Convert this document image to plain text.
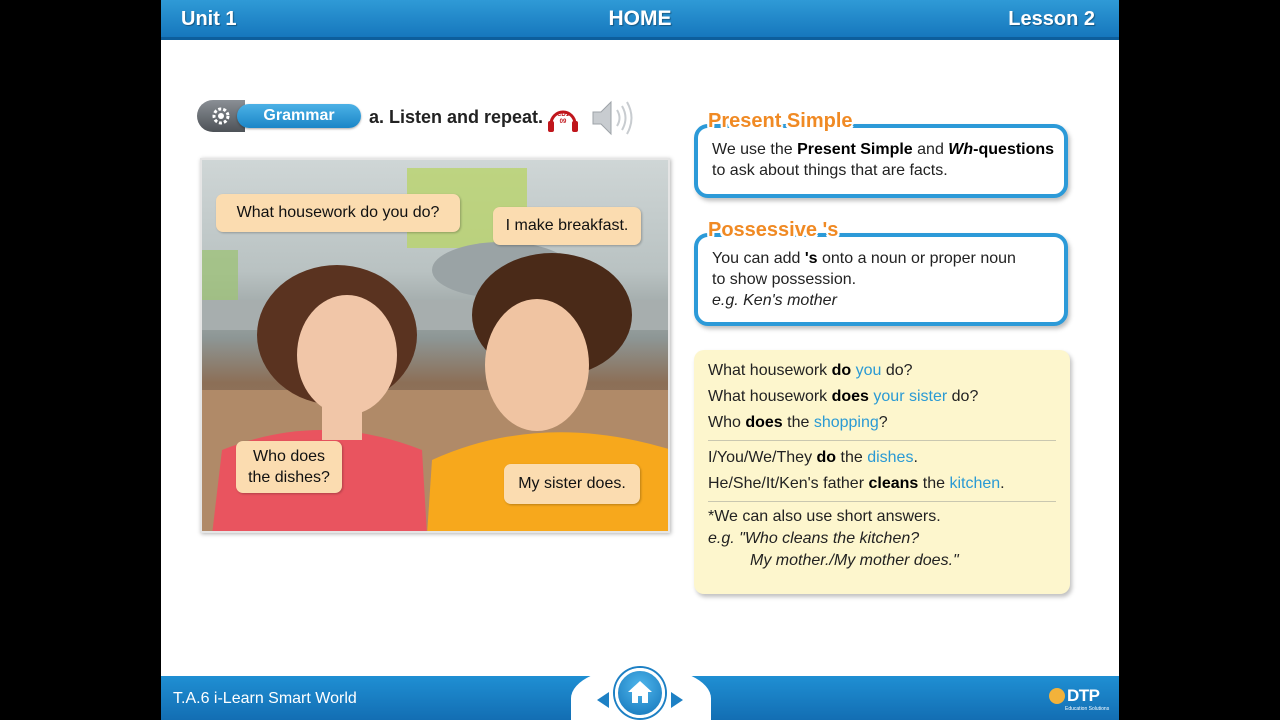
Unit 1	HOME	Lesson 2
Grammar	a. Listen and repeat.	CD1 09
What housework do you do?
I make breakfast.
Who does
the dishes?	My sister does.
We use the Present Simple and Wh-questions
to ask about things that are facts.
Present Simple
You can add 's onto a noun or proper noun
to show possession.
e.g. Ken's mother
Possessive 's
What housework do you do?
What housework does your sister do?
Who does the shopping?
I/You/We/They do the dishes.
He/She/It/Ken's father cleans the kitchen.
*We can also use short answers.
e.g. "Who cleans the kitchen?
My mother./My mother does."
T.A.6 i-Learn Smart World	DTP
Education Solutions
